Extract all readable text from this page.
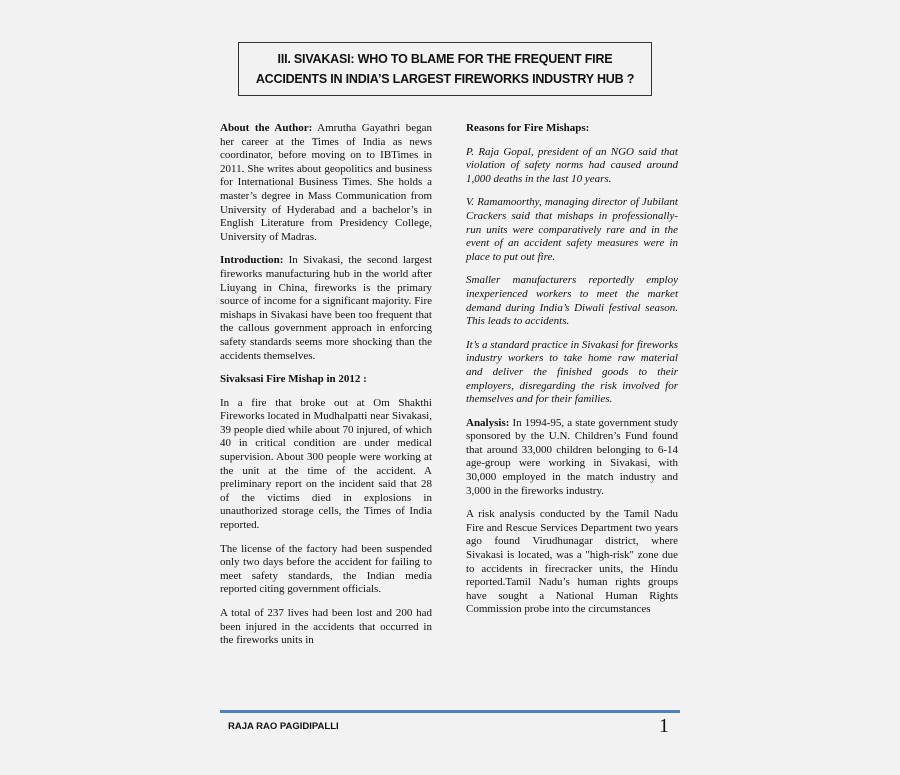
III. SIVAKASI: WHO TO BLAME FOR THE FREQUENT FIRE
ACCIDENTS IN INDIA’S LARGEST FIREWORKS INDUSTRY HUB ?

About the Author: Amrutha Gayathri began her career at the Times of India as news coordinator, before moving on to IBTimes in 2011. She writes about geopolitics and business for International Business Times. She holds a master’s degree in Mass Communication from University of Hyderabad and a bachelor’s in English Literature from Presidency College, University of Madras.

Introduction: In Sivakasi, the second largest fireworks manufacturing hub in the world after Liuyang in China, fireworks is the primary source of income for a significant majority. Fire mishaps in Sivakasi have been too frequent that the callous government approach in enforcing safety standards seems more shocking than the accidents themselves.

Sivaksasi Fire Mishap in 2012 :

In a fire that broke out at Om Shakthi Fireworks located in Mudhalpatti near Sivakasi, 39 people died while about 70 injured, of which 40 in critical condition are under medical supervision. About 300 people were working at the unit at the time of the accident. A preliminary report on the incident said that 28 of the victims died in explosions in unauthorized storage cells, the Times of India reported.

The license of the factory had been suspended only two days before the accident for failing to meet safety standards, the Indian media reported citing government officials.

A total of 237 lives had been lost and 200 had been injured in the accidents that occurred in the fireworks units in

Reasons for Fire Mishaps:

P. Raja Gopal, president of an NGO said that violation of safety norms had caused around 1,000 deaths in the last 10 years.

V. Ramamoorthy, managing director of Jubilant Crackers said that mishaps in professionally-run units were comparatively rare and in the event of an accident safety measures were in place to put out fire.

Smaller manufacturers reportedly employ inexperienced workers to meet the market demand during India’s Diwali festival season. This leads to accidents.

It’s a standard practice in Sivakasi for fireworks industry workers to take home raw material and deliver the finished goods to their employers, disregarding the risk involved for themselves and for their families.

Analysis: In 1994-95, a state government study sponsored by the U.N. Children’s Fund found that around 33,000 children belonging to 6-14 age-group were working in Sivakasi, with 30,000 employed in the match industry and 3,000 in the fireworks industry.

A risk analysis conducted by the Tamil Nadu Fire and Rescue Services Department two years ago found Virudhunagar district, where Sivakasi is located, was a "high-risk" zone due to accidents in firecracker units, the Hindu reported.Tamil Nadu’s human rights groups have sought a National Human Rights Commission probe into the circumstances

RAJA RAO PAGIDIPALLI	1
